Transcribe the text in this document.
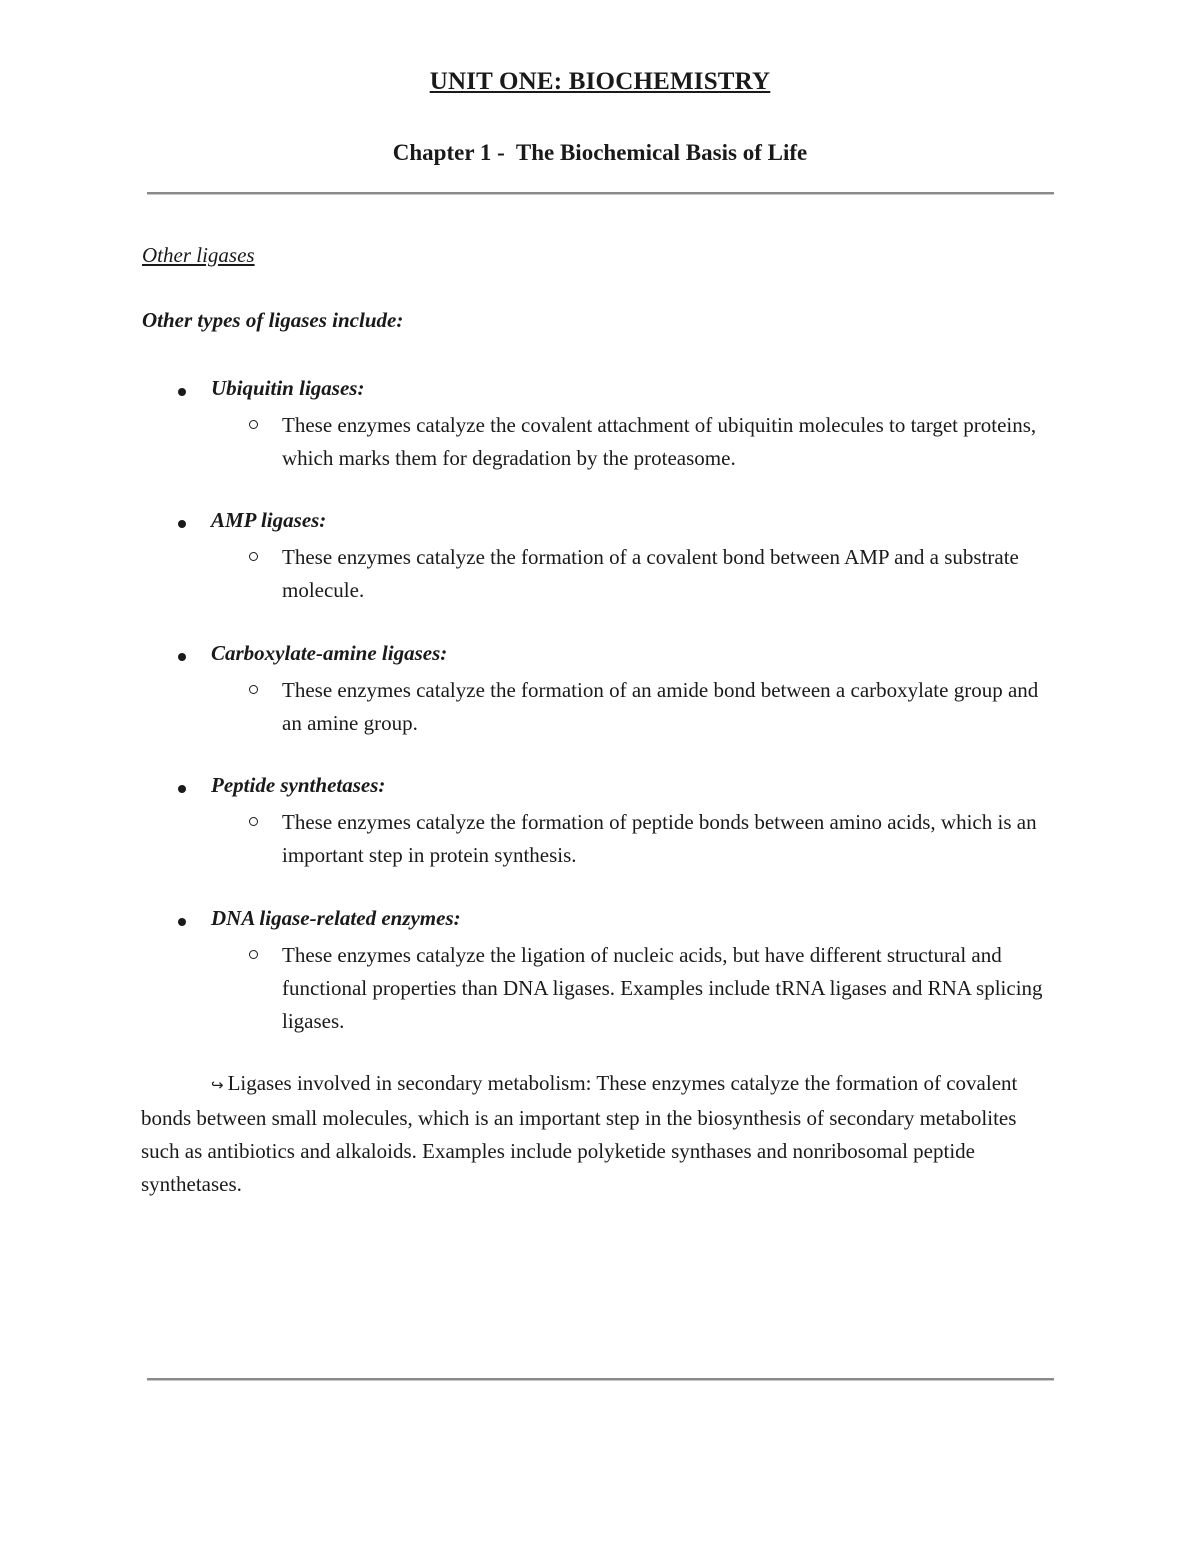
UNIT ONE: BIOCHEMISTRY
Chapter 1 -  The Biochemical Basis of Life
Other ligases
Other types of ligases include:
Ubiquitin ligases:
These enzymes catalyze the covalent attachment of ubiquitin molecules to target proteins, which marks them for degradation by the proteasome.
AMP ligases:
These enzymes catalyze the formation of a covalent bond between AMP and a substrate molecule.
Carboxylate-amine ligases:
These enzymes catalyze the formation of an amide bond between a carboxylate group and an amine group.
Peptide synthetases:
These enzymes catalyze the formation of peptide bonds between amino acids, which is an important step in protein synthesis.
DNA ligase-related enzymes:
These enzymes catalyze the ligation of nucleic acids, but have different structural and functional properties than DNA ligases. Examples include tRNA ligases and RNA splicing ligases.
↪ Ligases involved in secondary metabolism: These enzymes catalyze the formation of covalent bonds between small molecules, which is an important step in the biosynthesis of secondary metabolites such as antibiotics and alkaloids. Examples include polyketide synthases and nonribosomal peptide synthetases.
